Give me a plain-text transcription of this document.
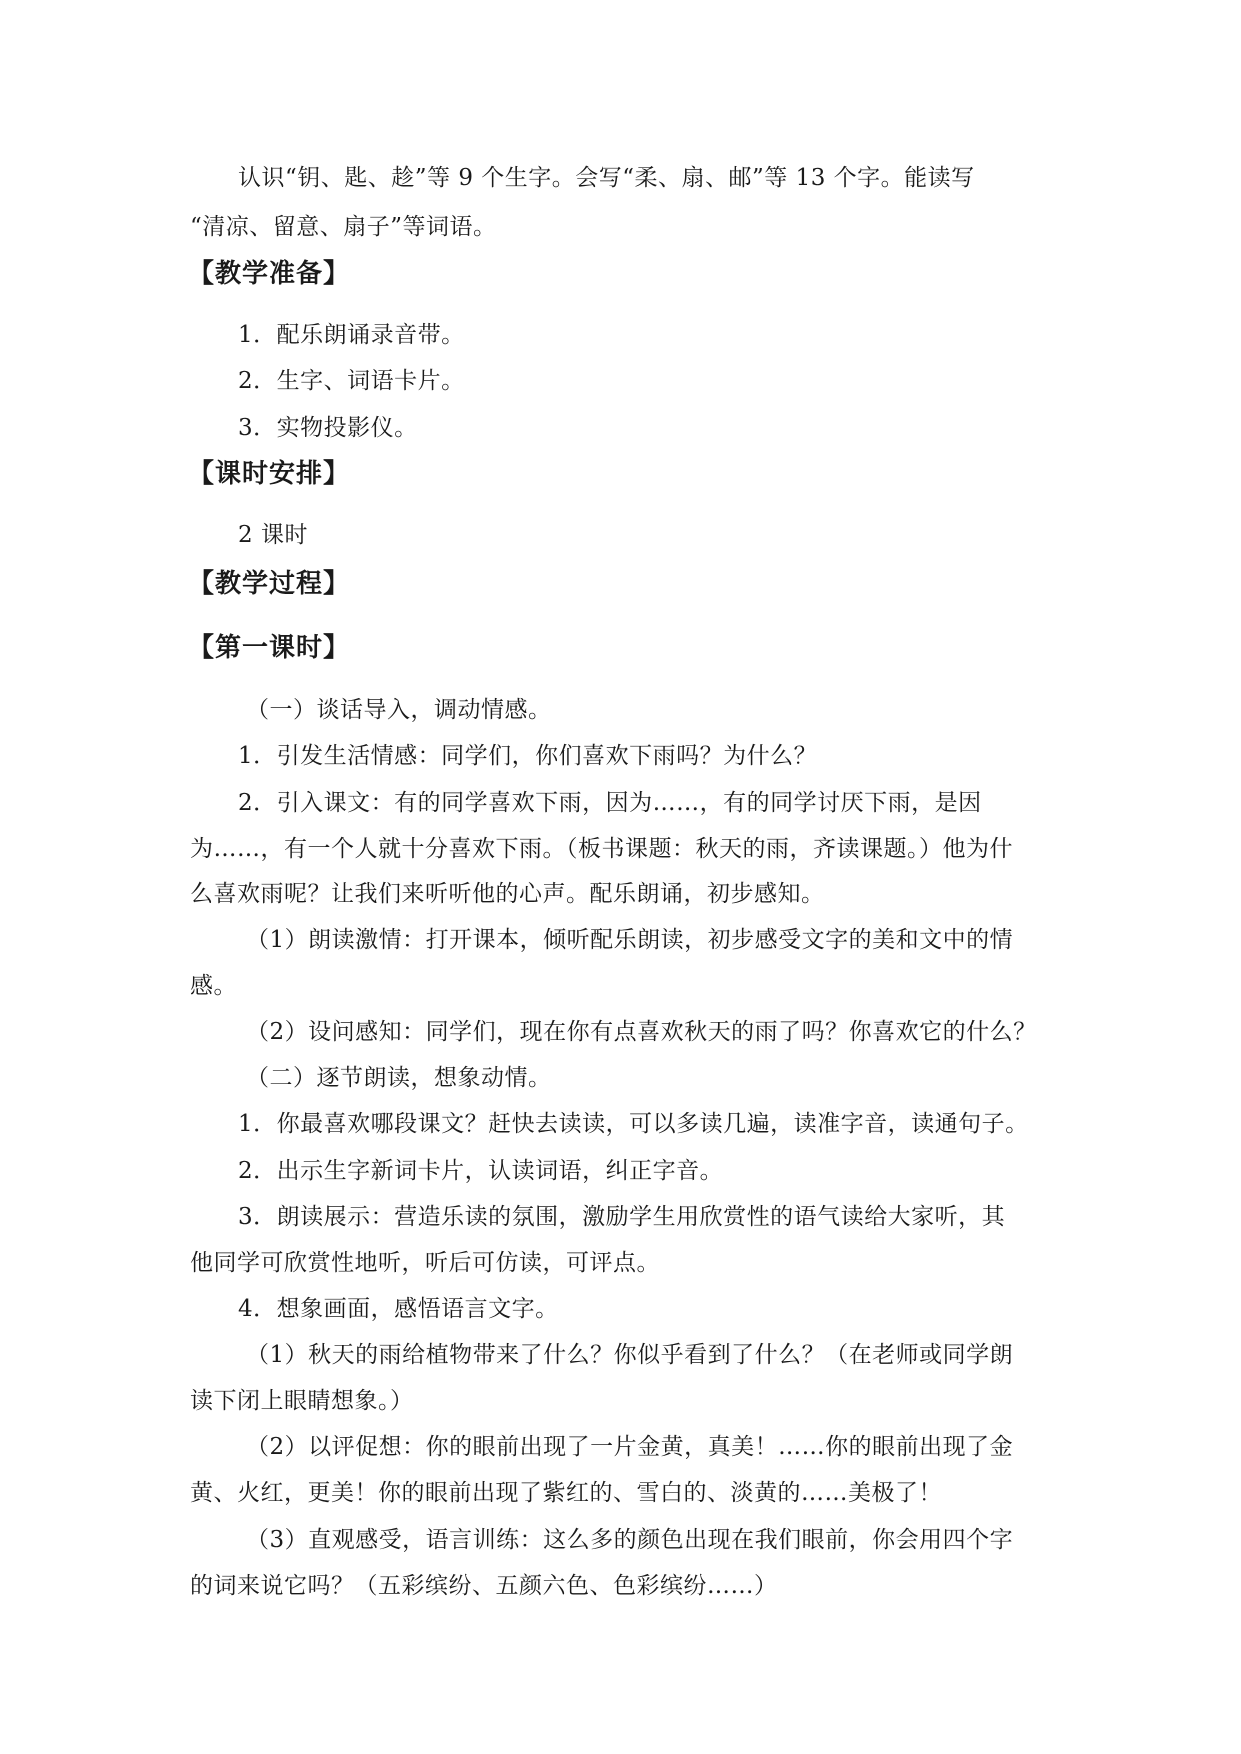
认识“钥、匙、趁”等 9 个生字。会写“柔、扇、邮”等 13 个字。能读写
“清凉、留意、扇子”等词语。
【教学准备】
1．配乐朗诵录音带。
2．生字、词语卡片。
3．实物投影仪。
【课时安排】
2 课时
【教学过程】
【第一课时】
（一）谈话导入，调动情感。
1．引发生活情感：同学们，你们喜欢下雨吗？为什么？
2．引入课文：有的同学喜欢下雨，因为……，有的同学讨厌下雨，是因
为……，有一个人就十分喜欢下雨。（板书课题：秋天的雨，齐读课题。）他为什
么喜欢雨呢？让我们来听听他的心声。配乐朗诵，初步感知。
（1）朗读激情：打开课本，倾听配乐朗读，初步感受文字的美和文中的情
感。
（2）设问感知：同学们，现在你有点喜欢秋天的雨了吗？你喜欢它的什么？
（二）逐节朗读，想象动情。
1．你最喜欢哪段课文？赶快去读读，可以多读几遍，读准字音，读通句子。
2．出示生字新词卡片，认读词语，纠正字音。
3．朗读展示：营造乐读的氛围，激励学生用欣赏性的语气读给大家听，其
他同学可欣赏性地听，听后可仿读，可评点。
4．想象画面，感悟语言文字。
（1）秋天的雨给植物带来了什么？你似乎看到了什么？（在老师或同学朗
读下闭上眼睛想象。）
（2）以评促想：你的眼前出现了一片金黄，真美！……你的眼前出现了金
黄、火红，更美！你的眼前出现了紫红的、雪白的、淡黄的……美极了！
（3）直观感受，语言训练：这么多的颜色出现在我们眼前，你会用四个字
的词来说它吗？（五彩缤纷、五颜六色、色彩缤纷……）
